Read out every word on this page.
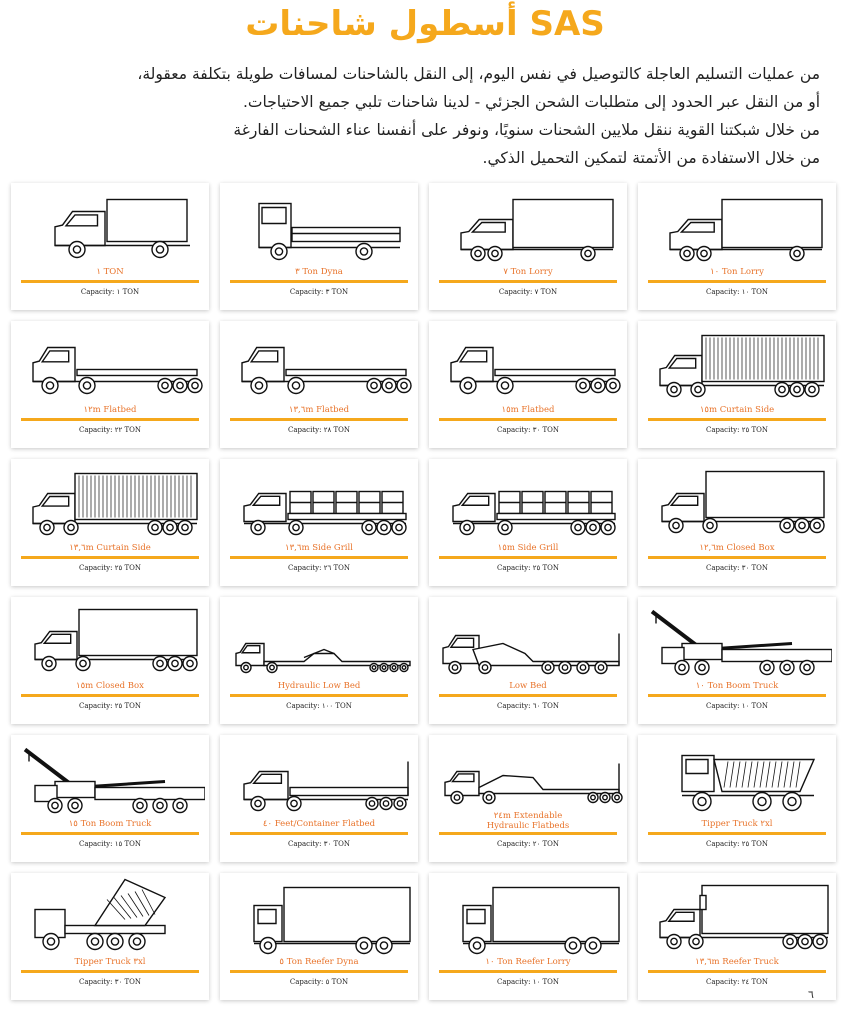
أسطول شاحنات SAS

من عمليات التسليم العاجلة كالتوصيل في نفس اليوم، إلى النقل بالشاحنات لمسافات طويلة بتكلفة معقولة،

أو من النقل عبر الحدود إلى متطلبات الشحن الجزئي - لدينا شاحنات تلبي جميع الاحتياجات.

من خلال شبكتنا القوية ننقل ملايين الشحنات سنويًا، ونوفر على أنفسنا عناء الشحنات الفارغة

من خلال الاستفادة من الأتمتة لتمكين التحميل الذكي.

١ TON
Capacity: ١ TON
٣ Ton Dyna
Capacity: ٣ TON
٧ Ton Lorry
Capacity: ٧ TON
١٠ Ton Lorry
Capacity: ١٠ TON
١٢m Flatbed
Capacity: ٢٢ TON
١٣,٦m Flatbed
Capacity: ٢٨ TON
١٥m Flatbed
Capacity: ٣٠ TON
١٥m Curtain Side
Capacity: ٢٥ TON
١٣,٦m Curtain Side
Capacity: ٢٥ TON
١٣,٦m Side Grill
Capacity: ٢٦ TON
١٥m Side Grill
Capacity: ٢٥ TON
١٢,٦m Closed Box
Capacity: ٣٠ TON
١٥m Closed Box
Capacity: ٢٥ TON
Hydraulic Low Bed
Capacity: ١٠٠ TON
Low Bed
Capacity: ٦٠ TON
١٠ Ton Boom Truck
Capacity: ١٠ TON
١٥ Ton Boom Truck
Capacity: ١٥ TON
٤٠ Feet/Container Flatbed
Capacity: ٣٠ TON
٢٤m Extendable Hydraulic Flatbeds
Capacity: ٢٠ TON
Tipper Truck ٢xl
Capacity: ٢٥ TON
Tipper Truck ٣xl
Capacity: ٣٠ TON
٥ Ton Reefer Dyna
Capacity: ٥ TON
١٠ Ton Reefer Lorry
Capacity: ١٠ TON
١٣,٦m Reefer Truck
Capacity: ٢٤ TON
٦
